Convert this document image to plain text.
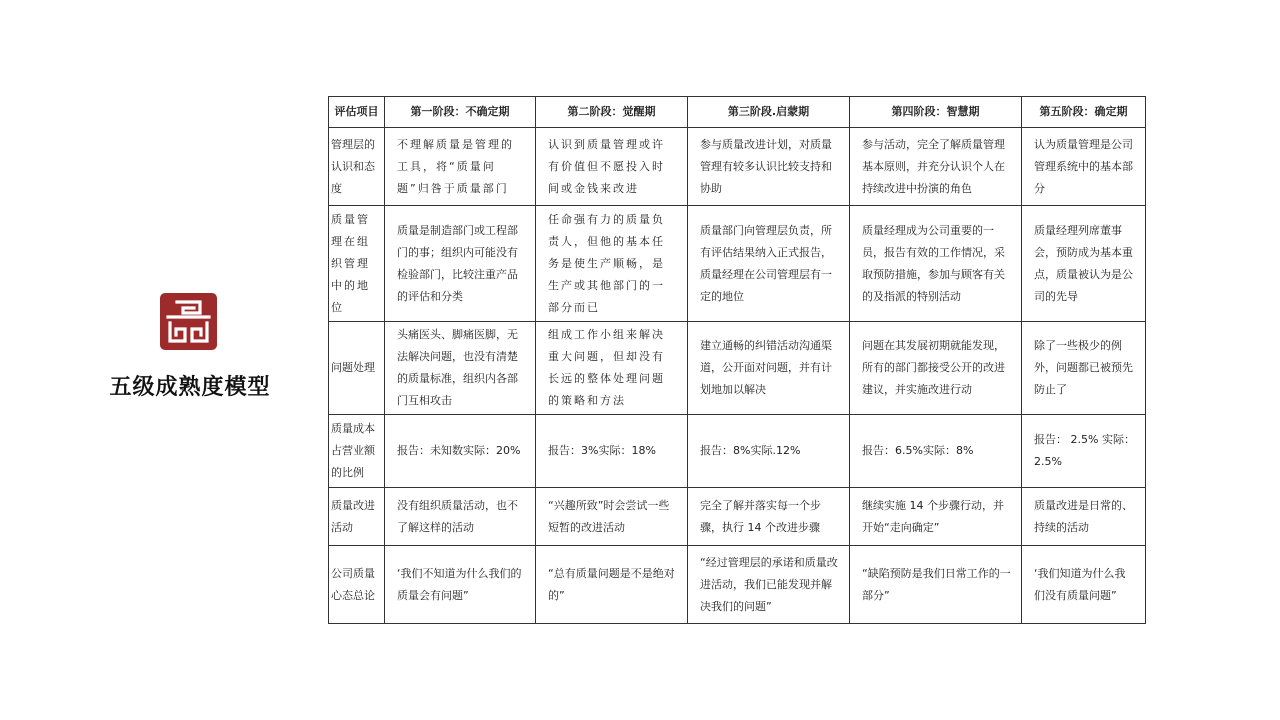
五级成熟度模型
评估项目	第一阶段：不确定期	第二阶段：觉醒期	第三阶段.启蒙期	第四阶段：智慧期	第五阶段：确定期
管理层的认识和态度	不理解质量是管理的工具，将“质量问题”归咎于质量部门	认识到质量管理或许有价值但不愿投入时间或金钱来改进	参与质量改进计划，对质量管理有较多认识比较支持和协助	参与活动，完全了解质量管理基本原则，并充分认识个人在持续改进中扮演的角色	认为质量管理是公司管理系统中的基本部分
质量管理在组织管理中的地位	质量是制造部门或工程部门的事；组织内可能没有检验部门，比较注重产品的评估和分类	任命强有力的质量负责人，但他的基本任务是使生产顺畅，是生产或其他部门的一部分而已	质量部门向管理层负责，所有评估结果纳入正式报告，质量经理在公司管理层有一定的地位	质量经理成为公司重要的一员，报告有效的工作情况，采取预防措施，参加与顾客有关的及指派的特别活动	质量经理列席董事会，预防成为基本重点，质量被认为是公司的先导
问题处理	头痛医头、脚痛医脚，无法解决问题，也没有清楚的质量标准，组织内各部门互相攻击	组成工作小组来解决重大问题，但却没有长远的整体处理问题的策略和方法	建立通畅的纠错活动沟通渠道，公开面对问题，并有计划地加以解决	问题在其发展初期就能发现，所有的部门都接受公开的改进建议，并实施改进行动	除了一些极少的例外，问题都已被预先防止了
质量成本占营业额的比例	报告：未知数实际：20%	报告：3%实际：18%	报告：8%实际.12%	报告：6.5%实际：8%	报告： 2.5% 实际：2.5%
质量改进活动	没有组织质量活动，也不了解这样的活动	“兴趣所致”时会尝试一些短暂的改进活动	完全了解并落实每一个步骤，执行 14 个改进步骤	继续实施 14 个步骤行动，并开始“走向确定”	质量改进是日常的、持续的活动
公司质量心态总论	‘我们不知道为什么我们的质量会有问题”	“总有质量问题是不是绝对的”	“经过管理层的承诺和质量改进活动，我们已能发现并解决我们的问题”	“缺陷预防是我们日常工作的一部分”	‘我们知道为什么我们没有质量问题”
